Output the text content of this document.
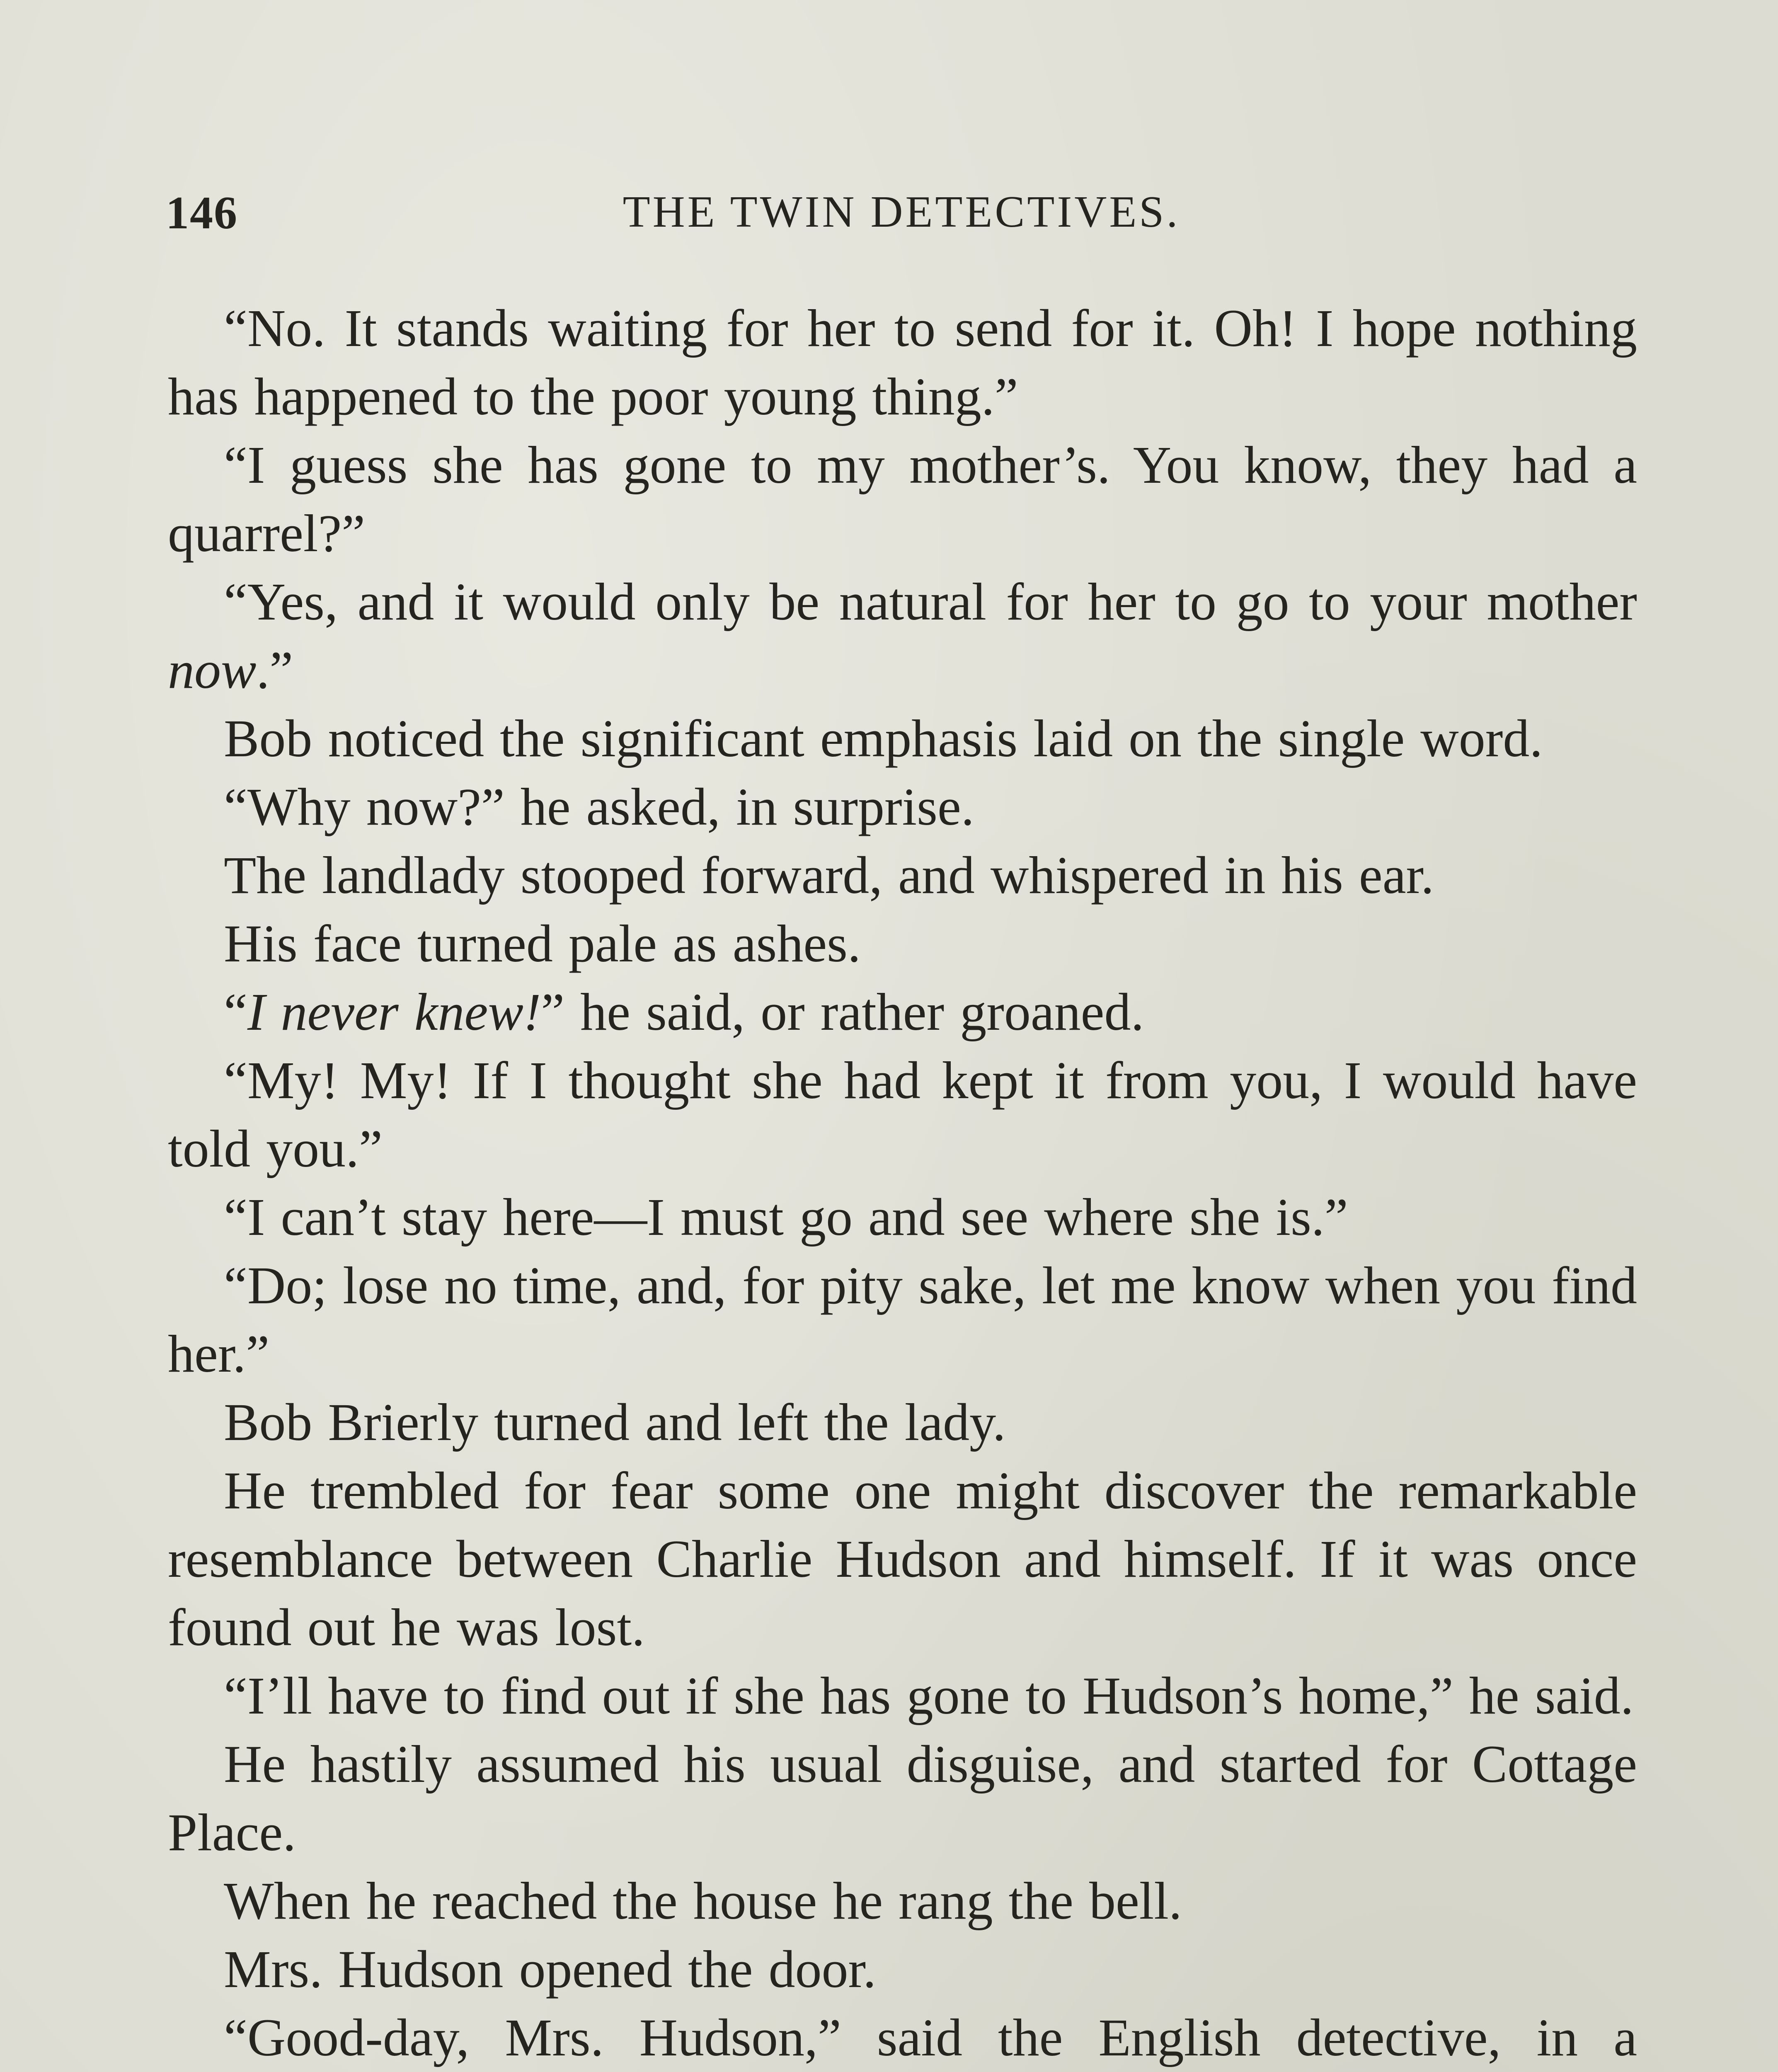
146	THE TWIN DETECTIVES.

“No. It stands waiting for her to send for it. Oh! I hope nothing has happened to the poor young thing.”

“I guess she has gone to my mother’s. You know, they had a quarrel?”

“Yes, and it would only be natural for her to go to your mother now.”

Bob noticed the significant emphasis laid on the single word.

“Why now?” he asked, in surprise.

The landlady stooped forward, and whispered in his ear.

His face turned pale as ashes.

“I never knew!” he said, or rather groaned.

“My! My! If I thought she had kept it from you, I would have told you.”

“I can’t stay here—I must go and see where she is.”

“Do; lose no time, and, for pity sake, let me know when you find her.”

Bob Brierly turned and left the lady.

He trembled for fear some one might discover the remarkable resemblance between Charlie Hudson and himself. If it was once found out he was lost.

“I’ll have to find out if she has gone to Hudson’s home,” he said.

He hastily assumed his usual disguise, and started for Cottage Place.

When he reached the house he rang the bell.

Mrs. Hudson opened the door.

“Good-day, Mrs. Hudson,” said the English detective, in a
